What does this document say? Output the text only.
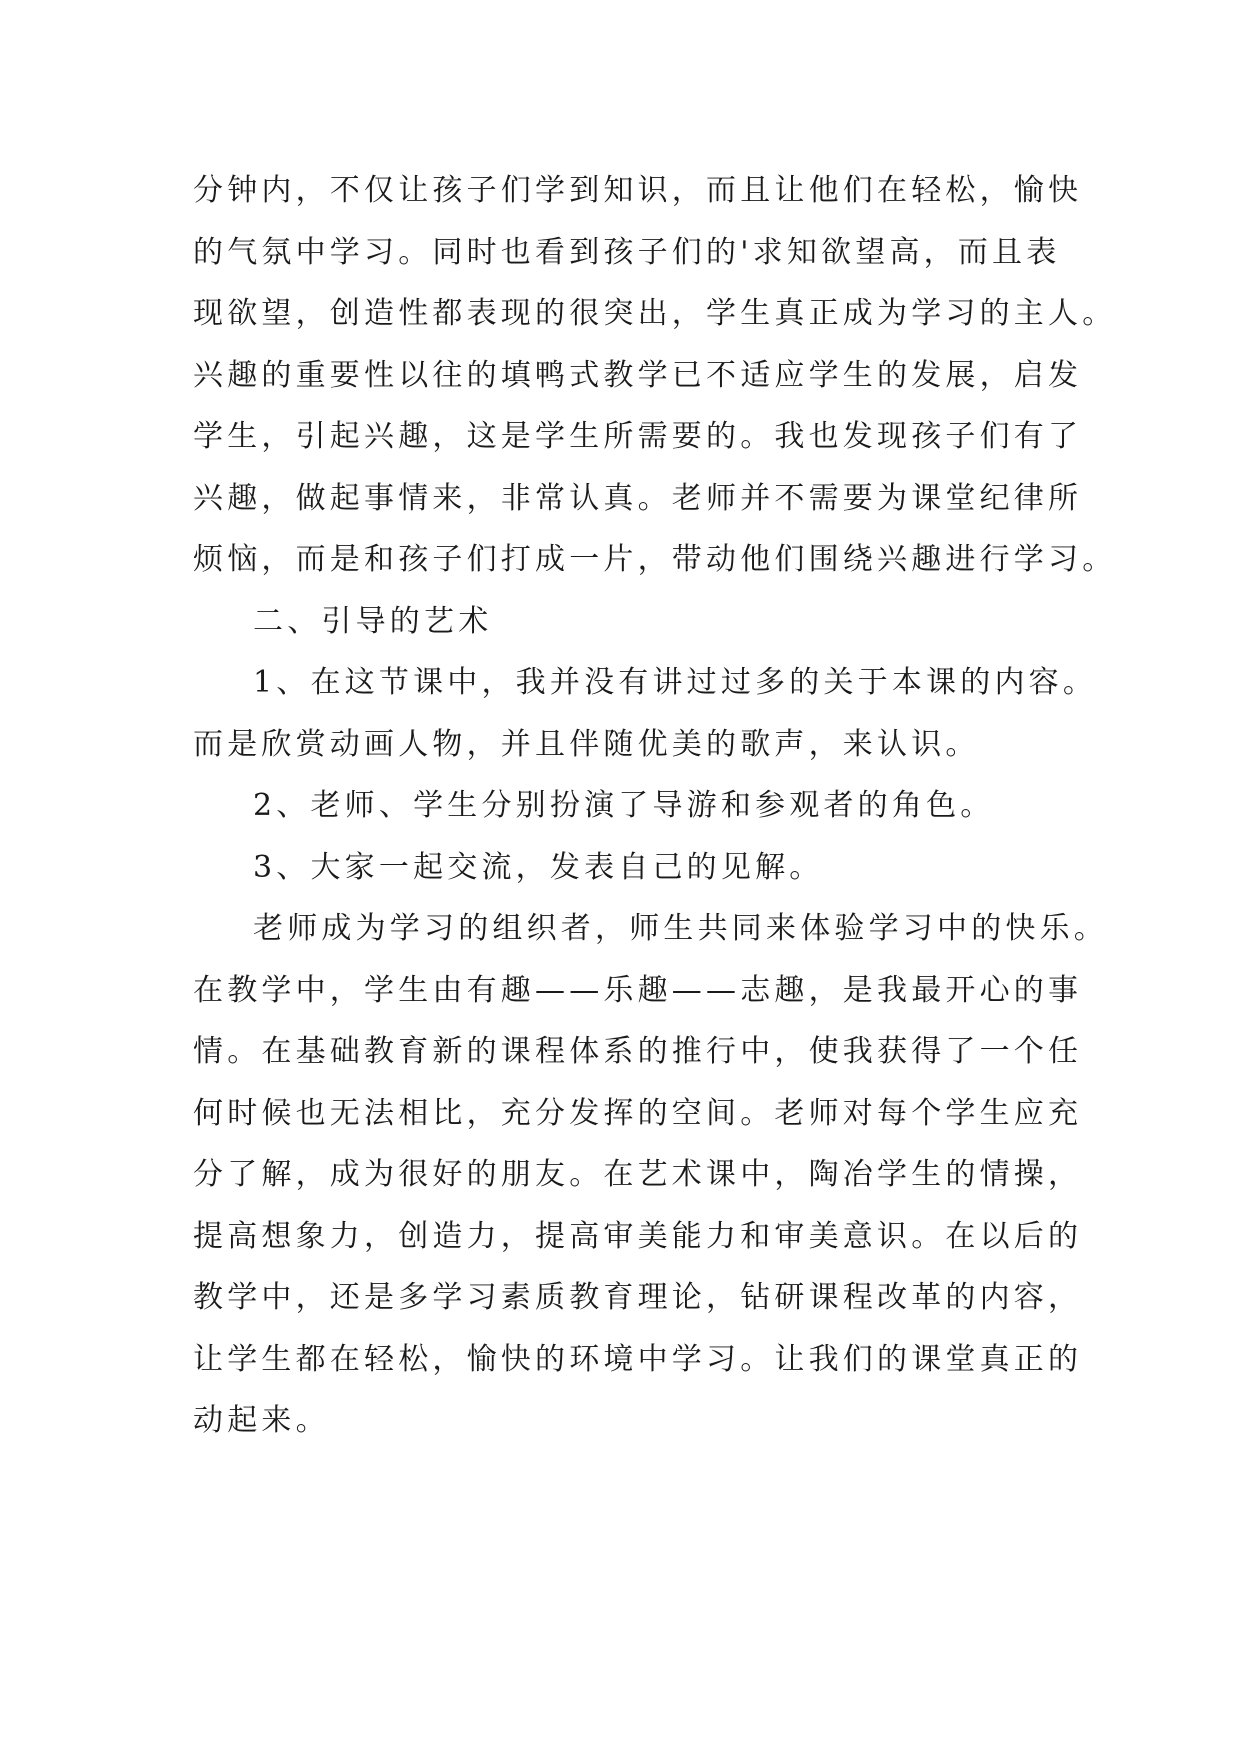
分钟内，不仅让孩子们学到知识，而且让他们在轻松，愉快
的气氛中学习。同时也看到孩子们的'求知欲望高，而且表
现欲望，创造性都表现的很突出，学生真正成为学习的主人。
兴趣的重要性以往的填鸭式教学已不适应学生的发展，启发
学生，引起兴趣，这是学生所需要的。我也发现孩子们有了
兴趣，做起事情来，非常认真。老师并不需要为课堂纪律所
烦恼，而是和孩子们打成一片，带动他们围绕兴趣进行学习。
二、引导的艺术
1、在这节课中，我并没有讲过过多的关于本课的内容。
而是欣赏动画人物，并且伴随优美的歌声，来认识。
2、老师、学生分别扮演了导游和参观者的角色。
3、大家一起交流，发表自己的见解。
老师成为学习的组织者，师生共同来体验学习中的快乐。
在教学中，学生由有趣——乐趣——志趣，是我最开心的事
情。在基础教育新的课程体系的推行中，使我获得了一个任
何时候也无法相比，充分发挥的空间。老师对每个学生应充
分了解，成为很好的朋友。在艺术课中，陶冶学生的情操，
提高想象力，创造力，提高审美能力和审美意识。在以后的
教学中，还是多学习素质教育理论，钻研课程改革的内容，
让学生都在轻松，愉快的环境中学习。让我们的课堂真正的
动起来。
